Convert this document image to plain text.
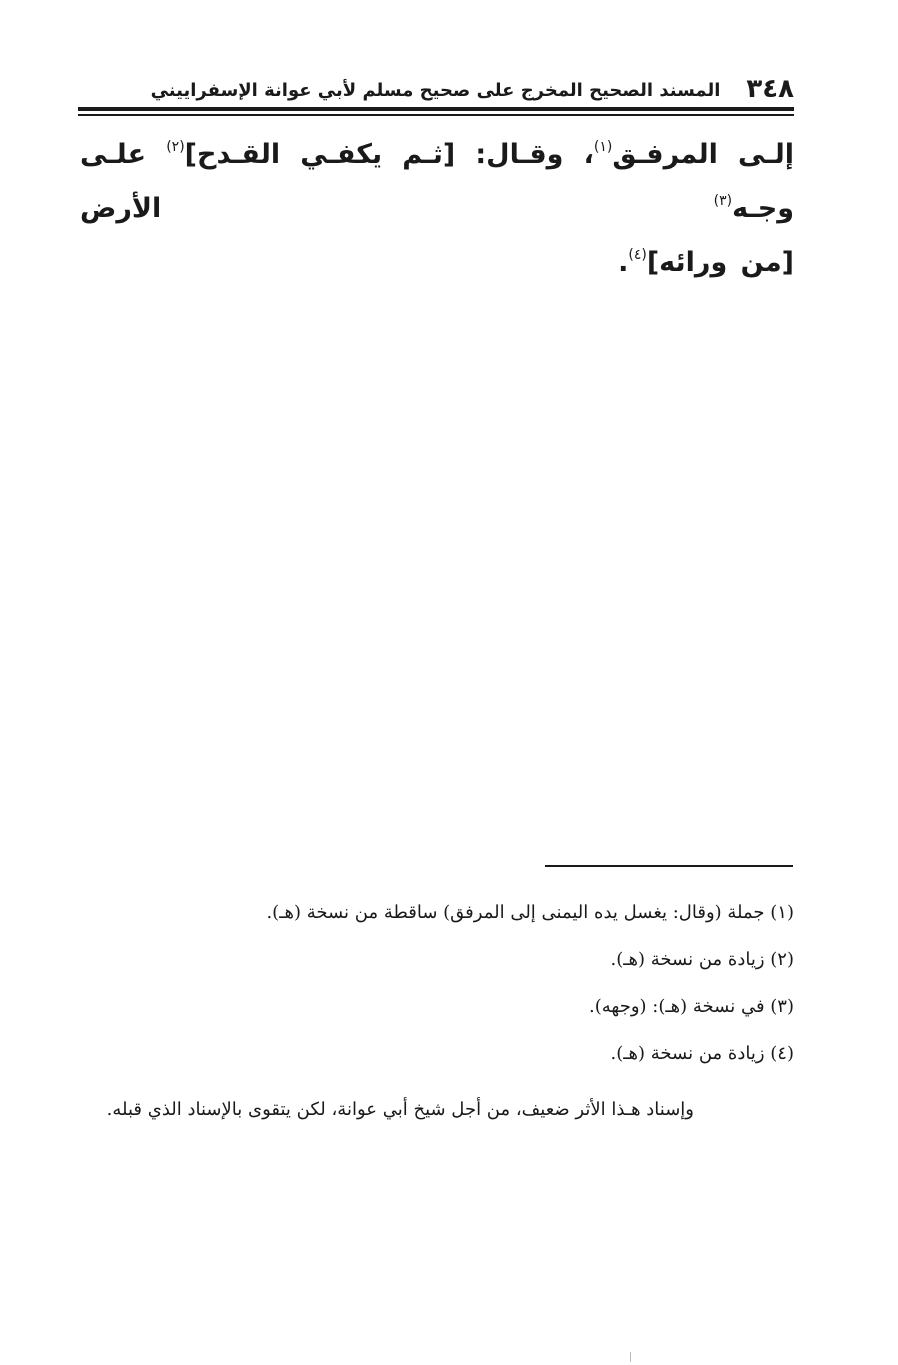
٣٤٨
المسند الصحيح المخرج على صحيح مسلم لأبي عوانة الإسفراييني
إلـى المرفـق$^{(١)}$، وقـال: [ثـم يكفـي القـدح]$^{(٢)}$ علـى وجـه$^{(٣)}$ الأرض
[من ورائه]$^{(٤)}$.
(١) جملة (وقال: يغسل يده اليمنى إلى المرفق) ساقطة من نسخة (هـ).
(٢) زيادة من نسخة (هـ).
(٣) في نسخة (هـ): (وجهه).
(٤) زيادة من نسخة (هـ).
وإسناد هـذا الأثر ضعيف، من أجل شيخ أبي عوانة، لكن يتقوى بالإسناد الذي قبله.
